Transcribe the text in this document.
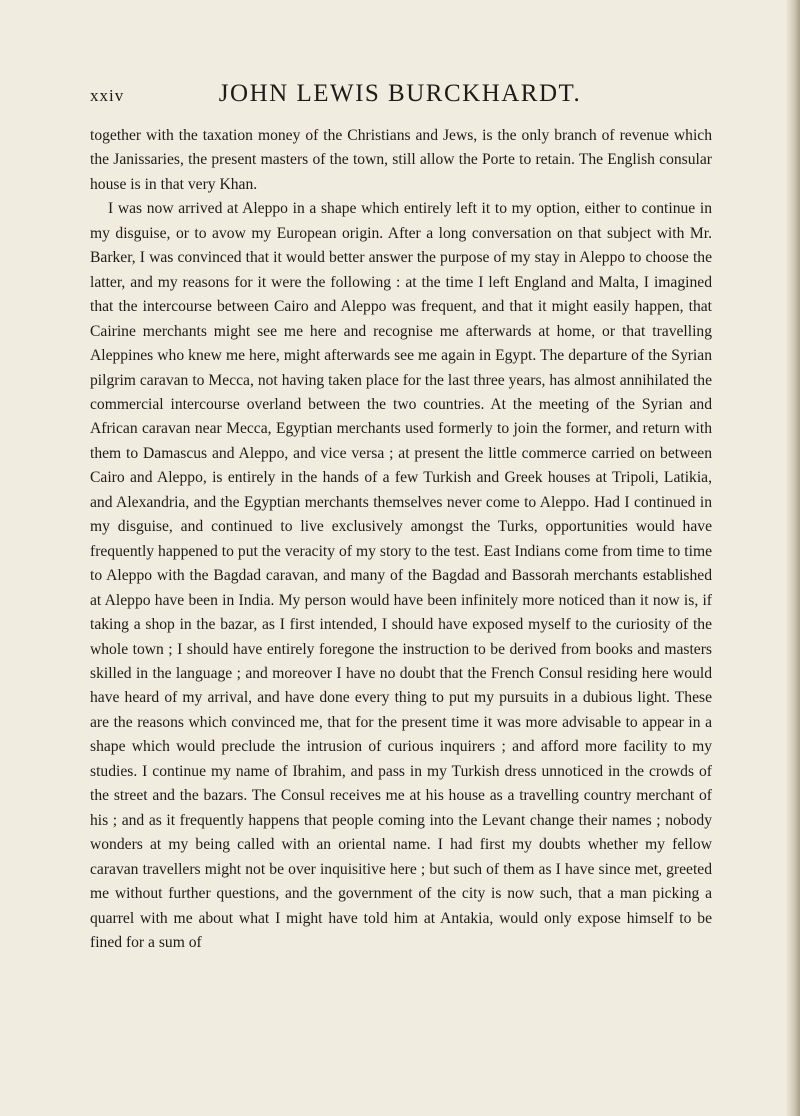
xxiv	JOHN LEWIS BURCKHARDT.

together with the taxation money of the Christians and Jews, is the only branch of revenue which the Janissaries, the present masters of the town, still allow the Porte to retain. The English consular house is in that very Khan.

I was now arrived at Aleppo in a shape which entirely left it to my option, either to continue in my disguise, or to avow my European origin. After a long conversation on that subject with Mr. Barker, I was convinced that it would better answer the purpose of my stay in Aleppo to choose the latter, and my reasons for it were the following : at the time I left England and Malta, I imagined that the intercourse between Cairo and Aleppo was frequent, and that it might easily happen, that Cairine merchants might see me here and recognise me afterwards at home, or that travelling Aleppines who knew me here, might afterwards see me again in Egypt. The departure of the Syrian pilgrim caravan to Mecca, not having taken place for the last three years, has almost annihilated the commercial intercourse overland between the two countries. At the meeting of the Syrian and African caravan near Mecca, Egyptian merchants used formerly to join the former, and return with them to Damascus and Aleppo, and vice versa ; at present the little commerce carried on between Cairo and Aleppo, is entirely in the hands of a few Turkish and Greek houses at Tripoli, Latikia, and Alexandria, and the Egyptian merchants themselves never come to Aleppo. Had I continued in my disguise, and continued to live exclusively amongst the Turks, opportunities would have frequently happened to put the veracity of my story to the test. East Indians come from time to time to Aleppo with the Bagdad caravan, and many of the Bagdad and Bassorah merchants established at Aleppo have been in India. My person would have been infinitely more noticed than it now is, if taking a shop in the bazar, as I first intended, I should have exposed myself to the curiosity of the whole town ; I should have entirely foregone the instruction to be derived from books and masters skilled in the language ; and moreover I have no doubt that the French Consul residing here would have heard of my arrival, and have done every thing to put my pursuits in a dubious light. These are the reasons which convinced me, that for the present time it was more advisable to appear in a shape which would preclude the intrusion of curious inquirers ; and afford more facility to my studies. I continue my name of Ibrahim, and pass in my Turkish dress unnoticed in the crowds of the street and the bazars. The Consul receives me at his house as a travelling country merchant of his ; and as it frequently happens that people coming into the Levant change their names ; nobody wonders at my being called with an oriental name. I had first my doubts whether my fellow caravan travellers might not be over inquisitive here ; but such of them as I have since met, greeted me without further questions, and the government of the city is now such, that a man picking a quarrel with me about what I might have told him at Antakia, would only expose himself to be fined for a sum of
